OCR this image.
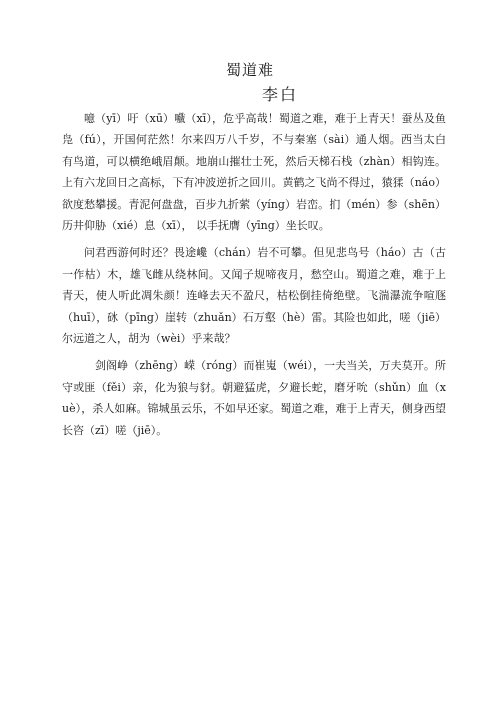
蜀道难
李白

噫（yī）吁（xū）嚱（xī），危乎高哉！蜀道之难，难于上青天！蚕丛及鱼凫（fú），开国何茫然！尔来四万八千岁，不与秦塞（sài）通人烟。西当太白有鸟道，可以横绝峨眉颠。地崩山摧壮士死，然后天梯石栈（zhàn）相钩连。上有六龙回日之高标，下有冲波逆折之回川。黄鹤之飞尚不得过，猿猱（náo）欲度愁攀援。青泥何盘盘，百步九折萦（yíng）岩峦。扪（mén）参（shēn）历井仰胁（xié）息（xī）， 以手抚膺（yīng）坐长叹。

问君西游何时还？畏途巉（chán）岩不可攀。但见悲鸟号（háo）古（古一作枯）木，雄飞雌从绕林间。又闻子规啼夜月，愁空山。蜀道之难，难于上青天，使人听此凋朱颜！连峰去天不盈尺，枯松倒挂倚绝壁。飞湍瀑流争喧豗（huī），砯（pīng）崖转（zhuǎn）石万壑（hè）雷。其险也如此，嗟（jiē）尔远道之人，胡为（wèi）乎来哉？

剑阁峥（zhēng）嵘（róng）而崔嵬（wéi），一夫当关，万夫莫开。所守或匪（fěi）亲，化为狼与豺。朝避猛虎，夕避长蛇，磨牙吮（shǔn）血（xuè），杀人如麻。锦城虽云乐，不如早还家。蜀道之难，难于上青天，侧身西望长咨（zī）嗟（jiē）。
